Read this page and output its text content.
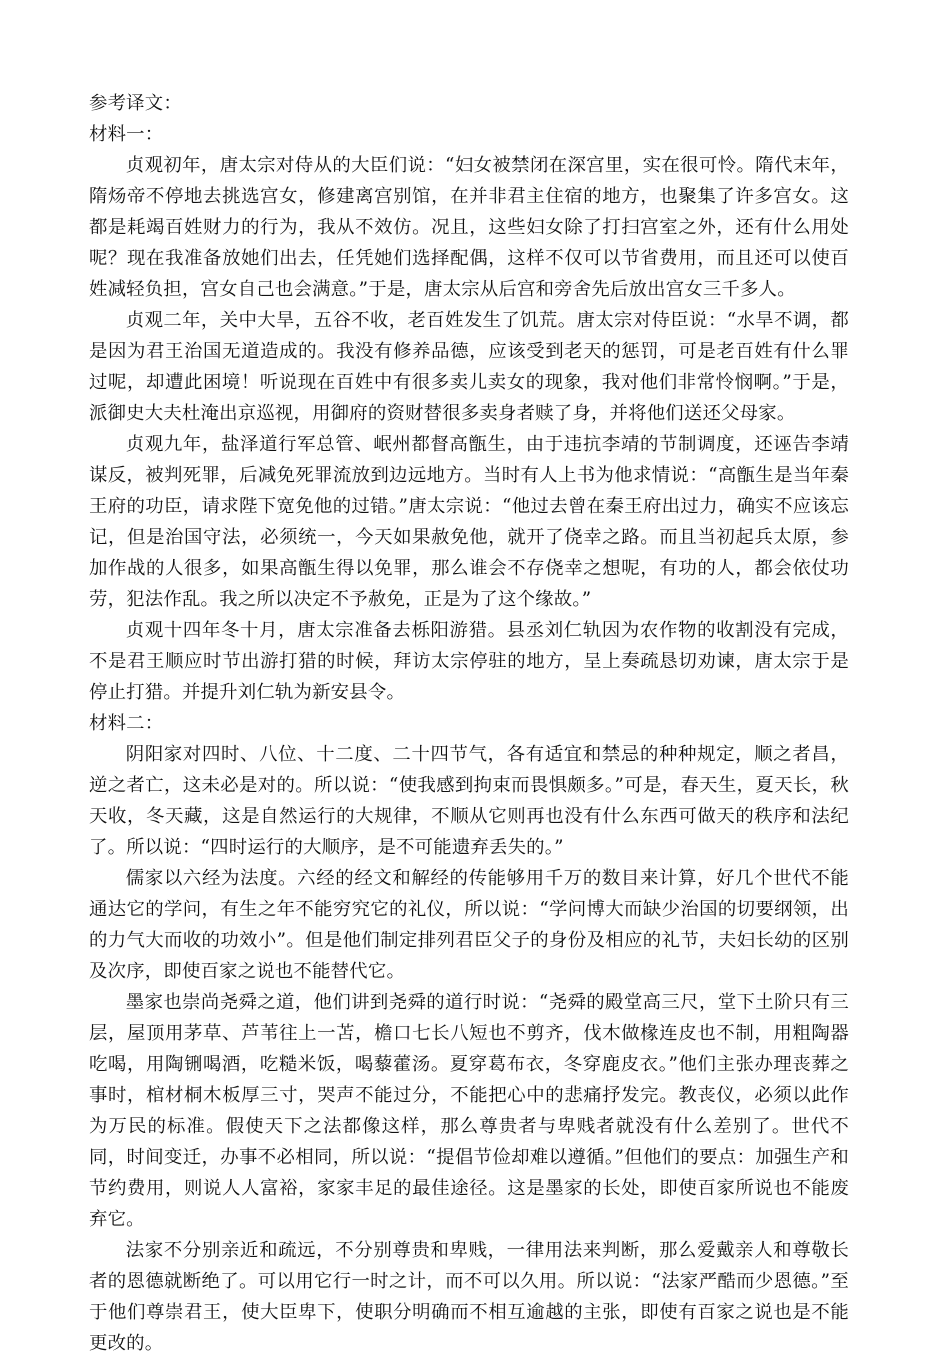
参考译文：

材料一：

贞观初年，唐太宗对侍从的大臣们说：“妇女被禁闭在深宫里，实在很可怜。隋代末年，隋炀帝不停地去挑选宫女，修建离宫别馆，在并非君主住宿的地方，也聚集了许多宫女。这都是耗竭百姓财力的行为，我从不效仿。况且，这些妇女除了打扫宫室之外，还有什么用处呢？现在我准备放她们出去，任凭她们选择配偶，这样不仅可以节省费用，而且还可以使百姓减轻负担，宫女自己也会满意。”于是，唐太宗从后宫和旁舍先后放出宫女三千多人。

贞观二年，关中大旱，五谷不收，老百姓发生了饥荒。唐太宗对侍臣说：“水旱不调，都是因为君王治国无道造成的。我没有修养品德，应该受到老天的惩罚，可是老百姓有什么罪过呢，却遭此困境！听说现在百姓中有很多卖儿卖女的现象，我对他们非常怜悯啊。”于是，派御史大夫杜淹出京巡视，用御府的资财替很多卖身者赎了身，并将他们送还父母家。

贞观九年，盐泽道行军总管、岷州都督高甑生，由于违抗李靖的节制调度，还诬告李靖谋反，被判死罪，后减免死罪流放到边远地方。当时有人上书为他求情说：“高甑生是当年秦王府的功臣，请求陛下宽免他的过错。”唐太宗说：“他过去曾在秦王府出过力，确实不应该忘记，但是治国守法，必须统一，今天如果赦免他，就开了侥幸之路。而且当初起兵太原，参加作战的人很多，如果高甑生得以免罪，那么谁会不存侥幸之想呢，有功的人，都会依仗功劳，犯法作乱。我之所以决定不予赦免，正是为了这个缘故。”

贞观十四年冬十月，唐太宗准备去栎阳游猎。县丞刘仁轨因为农作物的收割没有完成，不是君王顺应时节出游打猎的时候，拜访太宗停驻的地方，呈上奏疏恳切劝谏，唐太宗于是停止打猎。并提升刘仁轨为新安县令。

材料二：

阴阳家对四时、八位、十二度、二十四节气，各有适宜和禁忌的种种规定，顺之者昌，逆之者亡，这未必是对的。所以说：“使我感到拘束而畏惧颇多。”可是，春天生，夏天长，秋天收，冬天藏，这是自然运行的大规律，不顺从它则再也没有什么东西可做天的秩序和法纪了。所以说：“四时运行的大顺序，是不可能遗弃丢失的。”

儒家以六经为法度。六经的经文和解经的传能够用千万的数目来计算，好几个世代不能通达它的学问，有生之年不能穷究它的礼仪，所以说：“学问博大而缺少治国的切要纲领，出的力气大而收的功效小”。但是他们制定排列君臣父子的身份及相应的礼节，夫妇长幼的区别及次序，即使百家之说也不能替代它。

墨家也崇尚尧舜之道，他们讲到尧舜的道行时说：“尧舜的殿堂高三尺，堂下土阶只有三层，屋顶用茅草、芦苇往上一苫，檐口七长八短也不剪齐，伐木做椽连皮也不制，用粗陶器吃喝，用陶铏喝酒，吃糙米饭，喝藜藿汤。夏穿葛布衣，冬穿鹿皮衣。”他们主张办理丧葬之事时，棺材桐木板厚三寸，哭声不能过分，不能把心中的悲痛抒发完。教丧仪，必须以此作为万民的标准。假使天下之法都像这样，那么尊贵者与卑贱者就没有什么差别了。世代不同，时间变迁，办事不必相同，所以说：“提倡节俭却难以遵循。”但他们的要点：加强生产和节约费用，则说人人富裕，家家丰足的最佳途径。这是墨家的长处，即使百家所说也不能废弃它。

法家不分别亲近和疏远，不分别尊贵和卑贱，一律用法来判断，那么爱戴亲人和尊敬长者的恩德就断绝了。可以用它行一时之计，而不可以久用。所以说：“法家严酷而少恩德。”至于他们尊崇君王，使大臣卑下，使职分明确而不相互逾越的主张，即使有百家之说也是不能更改的。
